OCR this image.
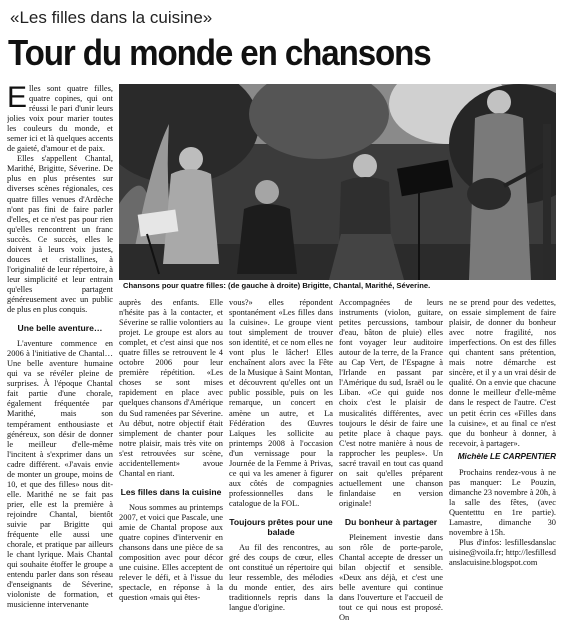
«Les filles dans la cuisine»
Tour du monde en chansons

Elles sont quatre filles, quatre copines, qui ont réussi le pari d'unir leurs jolies voix pour marier toutes les couleurs du monde, et semer ici et là quelques accents de gaieté, d'amour et de paix.

Elles s'appellent Chantal, Marithé, Brigitte, Séverine. De plus en plus présentes sur diverses scènes régionales, ces quatre filles venues d'Ardèche n'ont pas fini de faire parler d'elles, et ce n'est pas pour rien qu'elles rencontrent un franc succès. Ce succès, elles le doivent à leurs voix justes, douces et cristallines, à l'originalité de leur répertoire, à leur simplicité et leur entrain qu'elles partagent généreusement avec un public de plus en plus conquis.

Une belle aventure…

L'aventure commence en 2006 à l'initiative de Chantal… Une belle aventure humaine qui va se révéler pleine de surprises. À l'époque Chantal fait partie d'une chorale, également fréquentée par Marithé, mais son tempérament enthousiaste et généreux, son désir de donner le meilleur d'elle-même l'incitent à s'exprimer dans un cadre différent. «J'avais envie de monter un groupe, moins de 10, et que des filles» nous dit-elle. Marithé ne se fait pas prier, elle est la première à rejoindre Chantal, bientôt suivie par Brigitte qui fréquente elle aussi une chorale, et pratique par ailleurs le chant lyrique. Mais Chantal qui souhaite étoffer le groupe a entendu parler dans son réseau d'enseignants de Séverine, violoniste de formation, et musicienne intervenante

Chansons pour quatre filles: (de gauche à droite) Brigitte, Chantal, Marithé, Séverine.

auprès des enfants. Elle n'hésite pas à la contacter, et Séverine se rallie volontiers au projet. Le groupe est alors au complet, et c'est ainsi que nos quatre filles se retrouvent le 4 octobre 2006 pour leur première répétition. «Les choses se sont mises rapidement en place avec quelques chansons d'Amérique du Sud ramenées par Séverine. Au début, notre objectif était simplement de chanter pour notre plaisir, mais très vite on s'est retrouvées sur scène, accidentellement» avoue Chantal en riant.

Les filles dans la cuisine

Nous sommes au printemps 2007, et voici que Pascale, une amie de Chantal propose aux quatre copines d'intervenir en chansons dans une pièce de sa composition avec pour décor une cuisine. Elles acceptent de relever le défi, et à l'issue du spectacle, en réponse à la question «mais qui êtes-

vous?» elles répondent spontanément «Les filles dans la cuisine». Le groupe vient tout simplement de trouver son identité, et ce nom elles ne vont plus le lâcher! Elles enchaînent alors avec la Fête de la Musique à Saint Montan, et découvrent qu'elles ont un public possible, puis on les remarque, un concert en amène un autre, et La Fédération des Œuvres Laïques les sollicite au printemps 2008 à l'occasion d'un vernissage pour la Journée de la Femme à Privas, ce qui va les amener à figurer aux côtés de compagnies professionnelles dans le catalogue de la FOL.

Toujours prêtes pour une balade

Au fil des rencontres, au gré des coups de cœur, elles ont constitué un répertoire qui leur ressemble, des mélodies du monde entier, des airs traditionnels repris dans la langue d'origine.

Accompagnées de leurs instruments (violon, guitare, petites percussions, tambour d'eau, bâton de pluie) elles font voyager leur auditoire autour de la terre, de la France au Cap Vert, de l'Espagne à l'Irlande en passant par l'Amérique du sud, Israël ou le Liban. «Ce qui guide nos choix c'est le plaisir de musicalités différentes, avec toujours le désir de faire une petite place à chaque pays. C'est notre manière à nous de rapprocher les peuples». Un sacré travail en tout cas quand on sait qu'elles préparent actuellement une chanson finlandaise en version originale!

Du bonheur à partager

Pleinement investie dans son rôle de porte-parole, Chantal accepte de dresser un bilan objectif et sensible. «Deux ans déjà, et c'est une belle aventure qui continue dans l'ouverture et l'accueil de tout ce qui nous est proposé. On

ne se prend pour des vedettes, on essaie simplement de faire plaisir, de donner du bonheur avec notre fragilité, nos imperfections. On est des filles qui chantent sans prétention, mais notre démarche est sincère, et il y a un vrai désir de qualité. On a envie que chacune donne le meilleur d'elle-même dans le respect de l'autre. C'est un petit écrin ces «Filles dans la cuisine», et au final ce n'est que du bonheur à donner, à recevoir, à partager».

Michèle LE CARPENTIER

Prochains rendez-vous à ne pas manquer: Le Pouzin, dimanche 23 novembre à 20h, à la salle des fêtes, (avec Quentetttu en 1re partie). Lamastre, dimanche 30 novembre à 15h.

Plus d'infos: lesfillesdanslacuisine@voila.fr; http://lesfillesdanslacuisine.blogspot.com
